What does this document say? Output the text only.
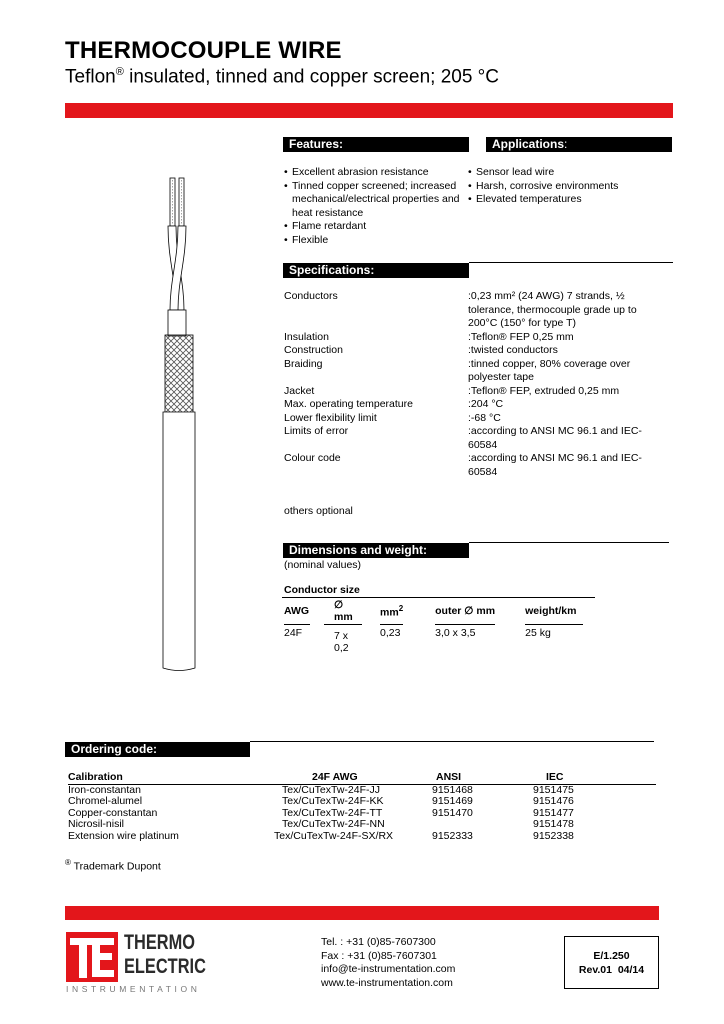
THERMOCOUPLE WIRE
Teflon® insulated, tinned and copper screen; 205 °C
Features:
• Excellent abrasion resistance
• Tinned copper screened; increased mechanical/electrical properties and heat resistance
• Flame retardant
• Flexible
Applications:
• Sensor lead wire
• Harsh, corrosive environments
• Elevated temperatures
Specifications:
Conductors	:0,23 mm² (24 AWG) 7 strands, ½ tolerance, thermocouple grade up to 200°C (150° for type T)
Insulation	:Teflon® FEP 0,25 mm
Construction	:twisted conductors
Braiding	:tinned copper, 80% coverage over polyester tape
Jacket	:Teflon® FEP, extruded 0,25 mm
Max. operating temperature	:204 °C
Lower flexibility limit	:-68 °C
Limits of error	:according to ANSI MC 96.1 and IEC-60584
Colour code	:according to ANSI MC 96.1 and IEC-60584
others optional
Dimensions and weight:
(nominal values)
Conductor size
AWG		∅ mm		$mm^2$		outer ∅ mm		weight/km
24F		7 x 0,2		0,23		3,0 x 3,5		25 kg
Ordering code:
Calibration	24F AWG	ANSI	IEC
Iron-constantan	Tex/CuTexTw-24F-JJ	9151468	9151475
Chromel-alumel	Tex/CuTexTw-24F-KK	9151469	9151476
Copper-constantan	Tex/CuTexTw-24F-TT	9151470	9151477
Nicrosil-nisil	Tex/CuTexTw-24F-NN		9151478
Extension wire platinum	Tex/CuTexTw-24F-SX/RX	9152333	9152338
® Trademark Dupont
THERMO
ELECTRIC
INSTRUMENTATION
Tel. : +31 (0)85-7607300
Fax : +31 (0)85-7607301
info@te-instrumentation.com
www.te-instrumentation.com
E/1.250
Rev.01 04/14
